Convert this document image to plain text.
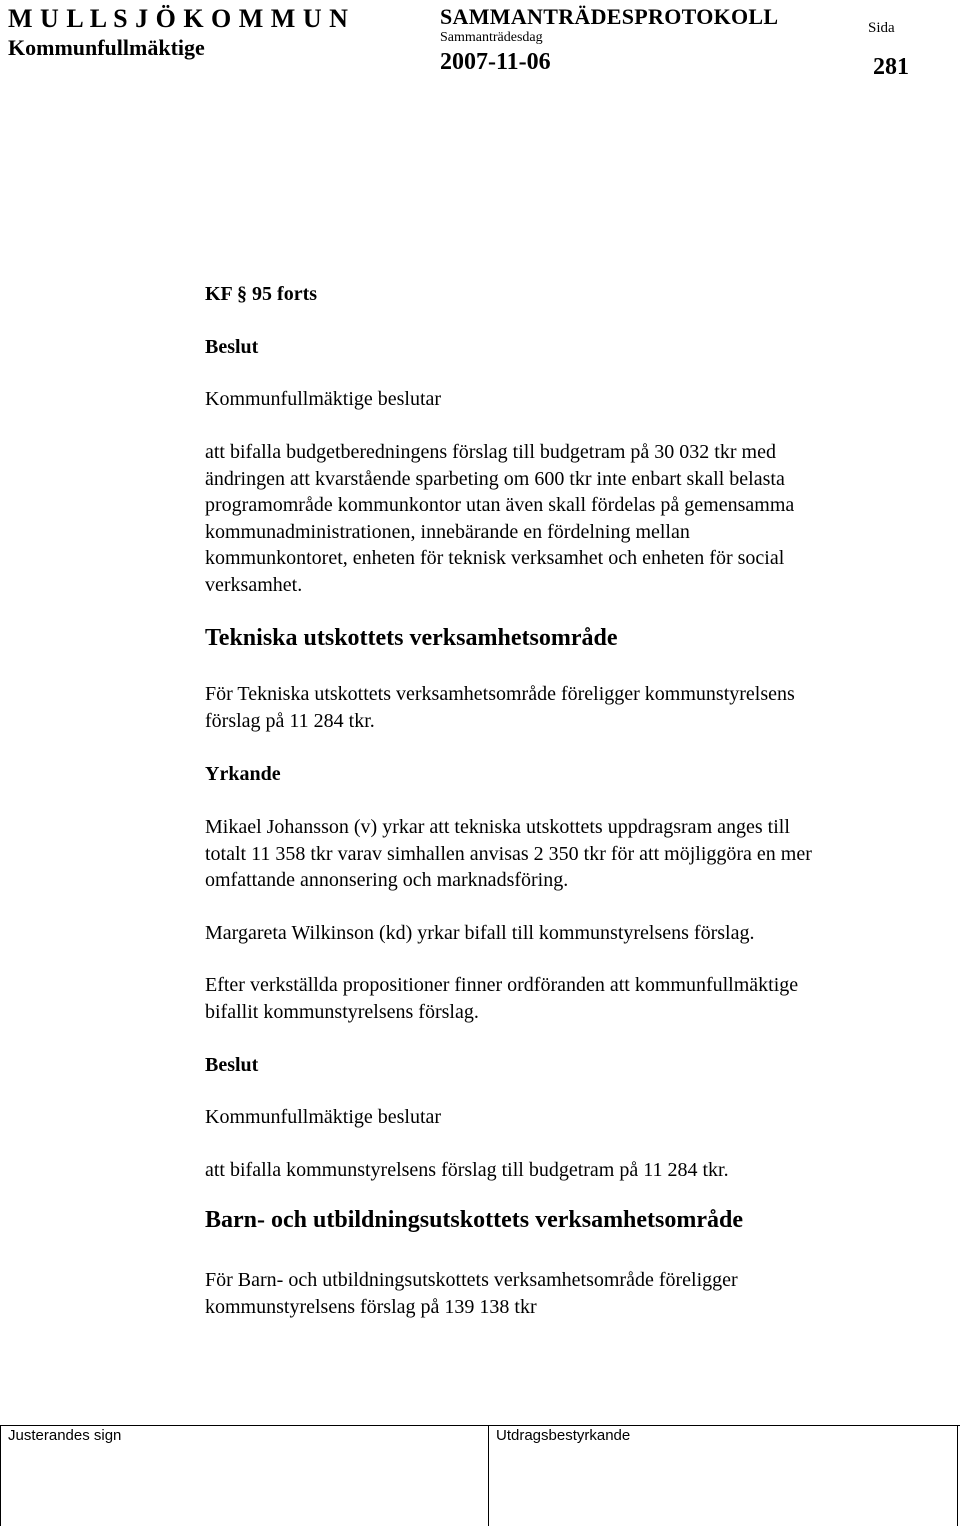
M U L L S J Ö K O M M U N
Kommunfullmäktige
SAMMANTRÄDESPROTOKOLL
Sammanträdesdag
2007-11-06
Sida
281
KF § 95 forts
Beslut
Kommunfullmäktige beslutar
att bifalla budgetberedningens förslag till budgetram på 30 032 tkr med
ändringen att kvarstående sparbeting om 600 tkr inte enbart skall belasta
programområde kommunkontor utan även skall fördelas på gemensamma
kommunadministrationen, innebärande en fördelning mellan
kommunkontoret, enheten för teknisk verksamhet och enheten för social
verksamhet.
Tekniska utskottets verksamhetsområde
För Tekniska utskottets verksamhetsområde föreligger kommunstyrelsens
förslag på 11 284 tkr.
Yrkande
Mikael Johansson (v) yrkar att tekniska utskottets uppdragsram anges till
totalt 11 358 tkr varav simhallen anvisas 2 350 tkr för att möjliggöra en mer
omfattande annonsering och marknadsföring.
Margareta Wilkinson (kd) yrkar bifall till kommunstyrelsens förslag.
Efter verkställda propositioner finner ordföranden att kommunfullmäktige
bifallit kommunstyrelsens förslag.
Beslut
Kommunfullmäktige beslutar
att bifalla kommunstyrelsens förslag till budgetram på 11 284 tkr.
Barn- och utbildningsutskottets verksamhetsområde
För Barn- och utbildningsutskottets verksamhetsområde föreligger
kommunstyrelsens förslag på 139 138 tkr
Justerandes sign	Utdragsbestyrkande
